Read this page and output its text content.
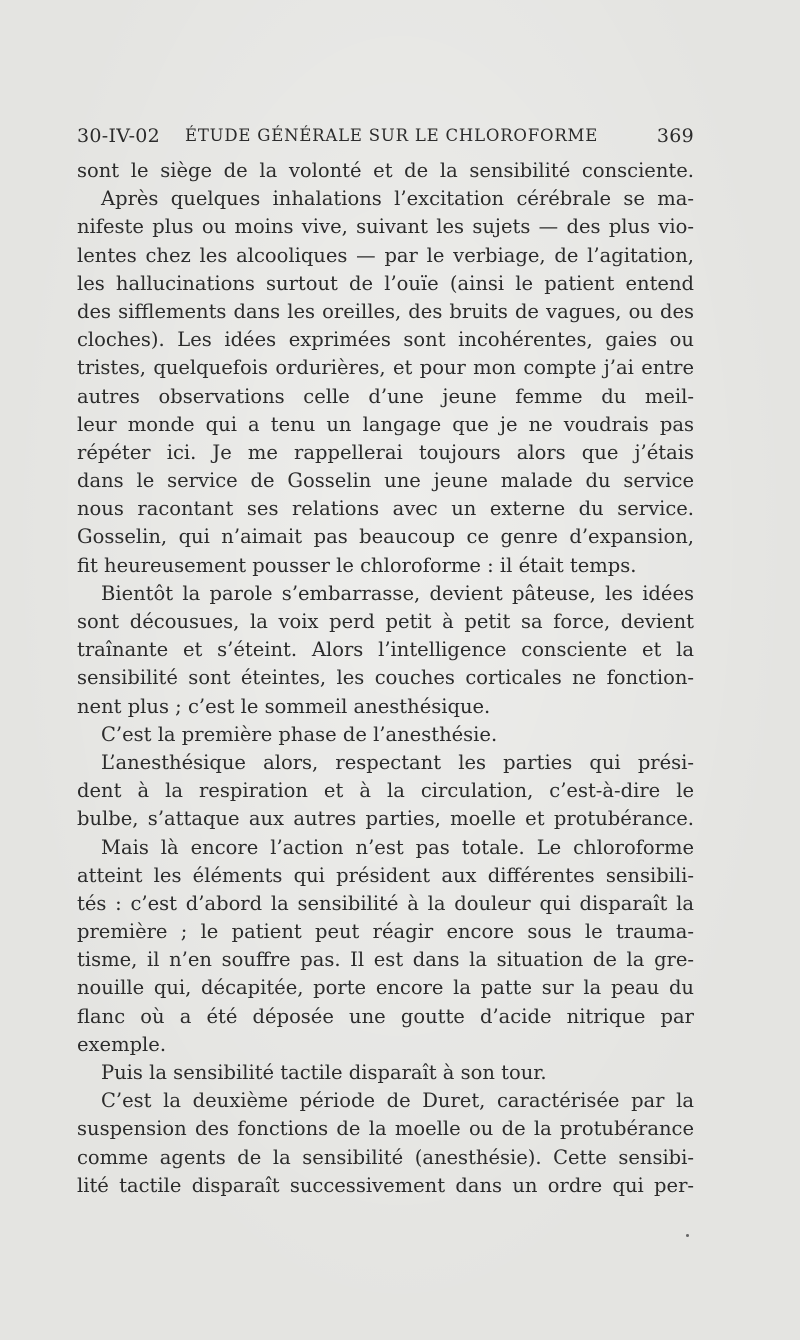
30-IV-02 ÉTUDE GÉNÉRALE SUR LE CHLOROFORME	369
sont le siège de la volonté et de la sensibilité consciente.
Après quelques inhalations l’excitation cérébrale se ma-
nifeste plus ou moins vive, suivant les sujets — des plus vio-
lentes chez les alcooliques — par le verbiage, de l’agitation,
les hallucinations surtout de l’ouïe (ainsi le patient entend
des sifflements dans les oreilles, des bruits de vagues, ou des
cloches). Les idées exprimées sont incohérentes, gaies ou
tristes, quelquefois ordurières, et pour mon compte j’ai entre
autres observations celle d’une jeune femme du meil-
leur monde qui a tenu un langage que je ne voudrais pas
répéter ici. Je me rappellerai toujours alors que j’étais
dans le service de Gosselin une jeune malade du service
nous racontant ses relations avec un externe du service.
Gosselin, qui n’aimait pas beaucoup ce genre d’expansion,
fit heureusement pousser le chloroforme : il était temps.
Bientôt la parole s’embarrasse, devient pâteuse, les idées
sont décousues, la voix perd petit à petit sa force, devient
traînante et s’éteint. Alors l’intelligence consciente et la
sensibilité sont éteintes, les couches corticales ne fonction-
nent plus ; c’est le sommeil anesthésique.
C’est la première phase de l’anesthésie.
L’anesthésique alors, respectant les parties qui prési-
dent à la respiration et à la circulation, c’est-à-dire le
bulbe, s’attaque aux autres parties, moelle et protubérance.
Mais là encore l’action n’est pas totale. Le chloroforme
atteint les éléments qui président aux différentes sensibili-
tés : c’est d’abord la sensibilité à la douleur qui disparaît la
première ; le patient peut réagir encore sous le trauma-
tisme, il n’en souffre pas. Il est dans la situation de la gre-
nouille qui, décapitée, porte encore la patte sur la peau du
flanc où a été déposée une goutte d’acide nitrique par
exemple.
Puis la sensibilité tactile disparaît à son tour.
C’est la deuxième période de Duret, caractérisée par la
suspension des fonctions de la moelle ou de la protubérance
comme agents de la sensibilité (anesthésie). Cette sensibi-
lité tactile disparaît successivement dans un ordre qui per-
